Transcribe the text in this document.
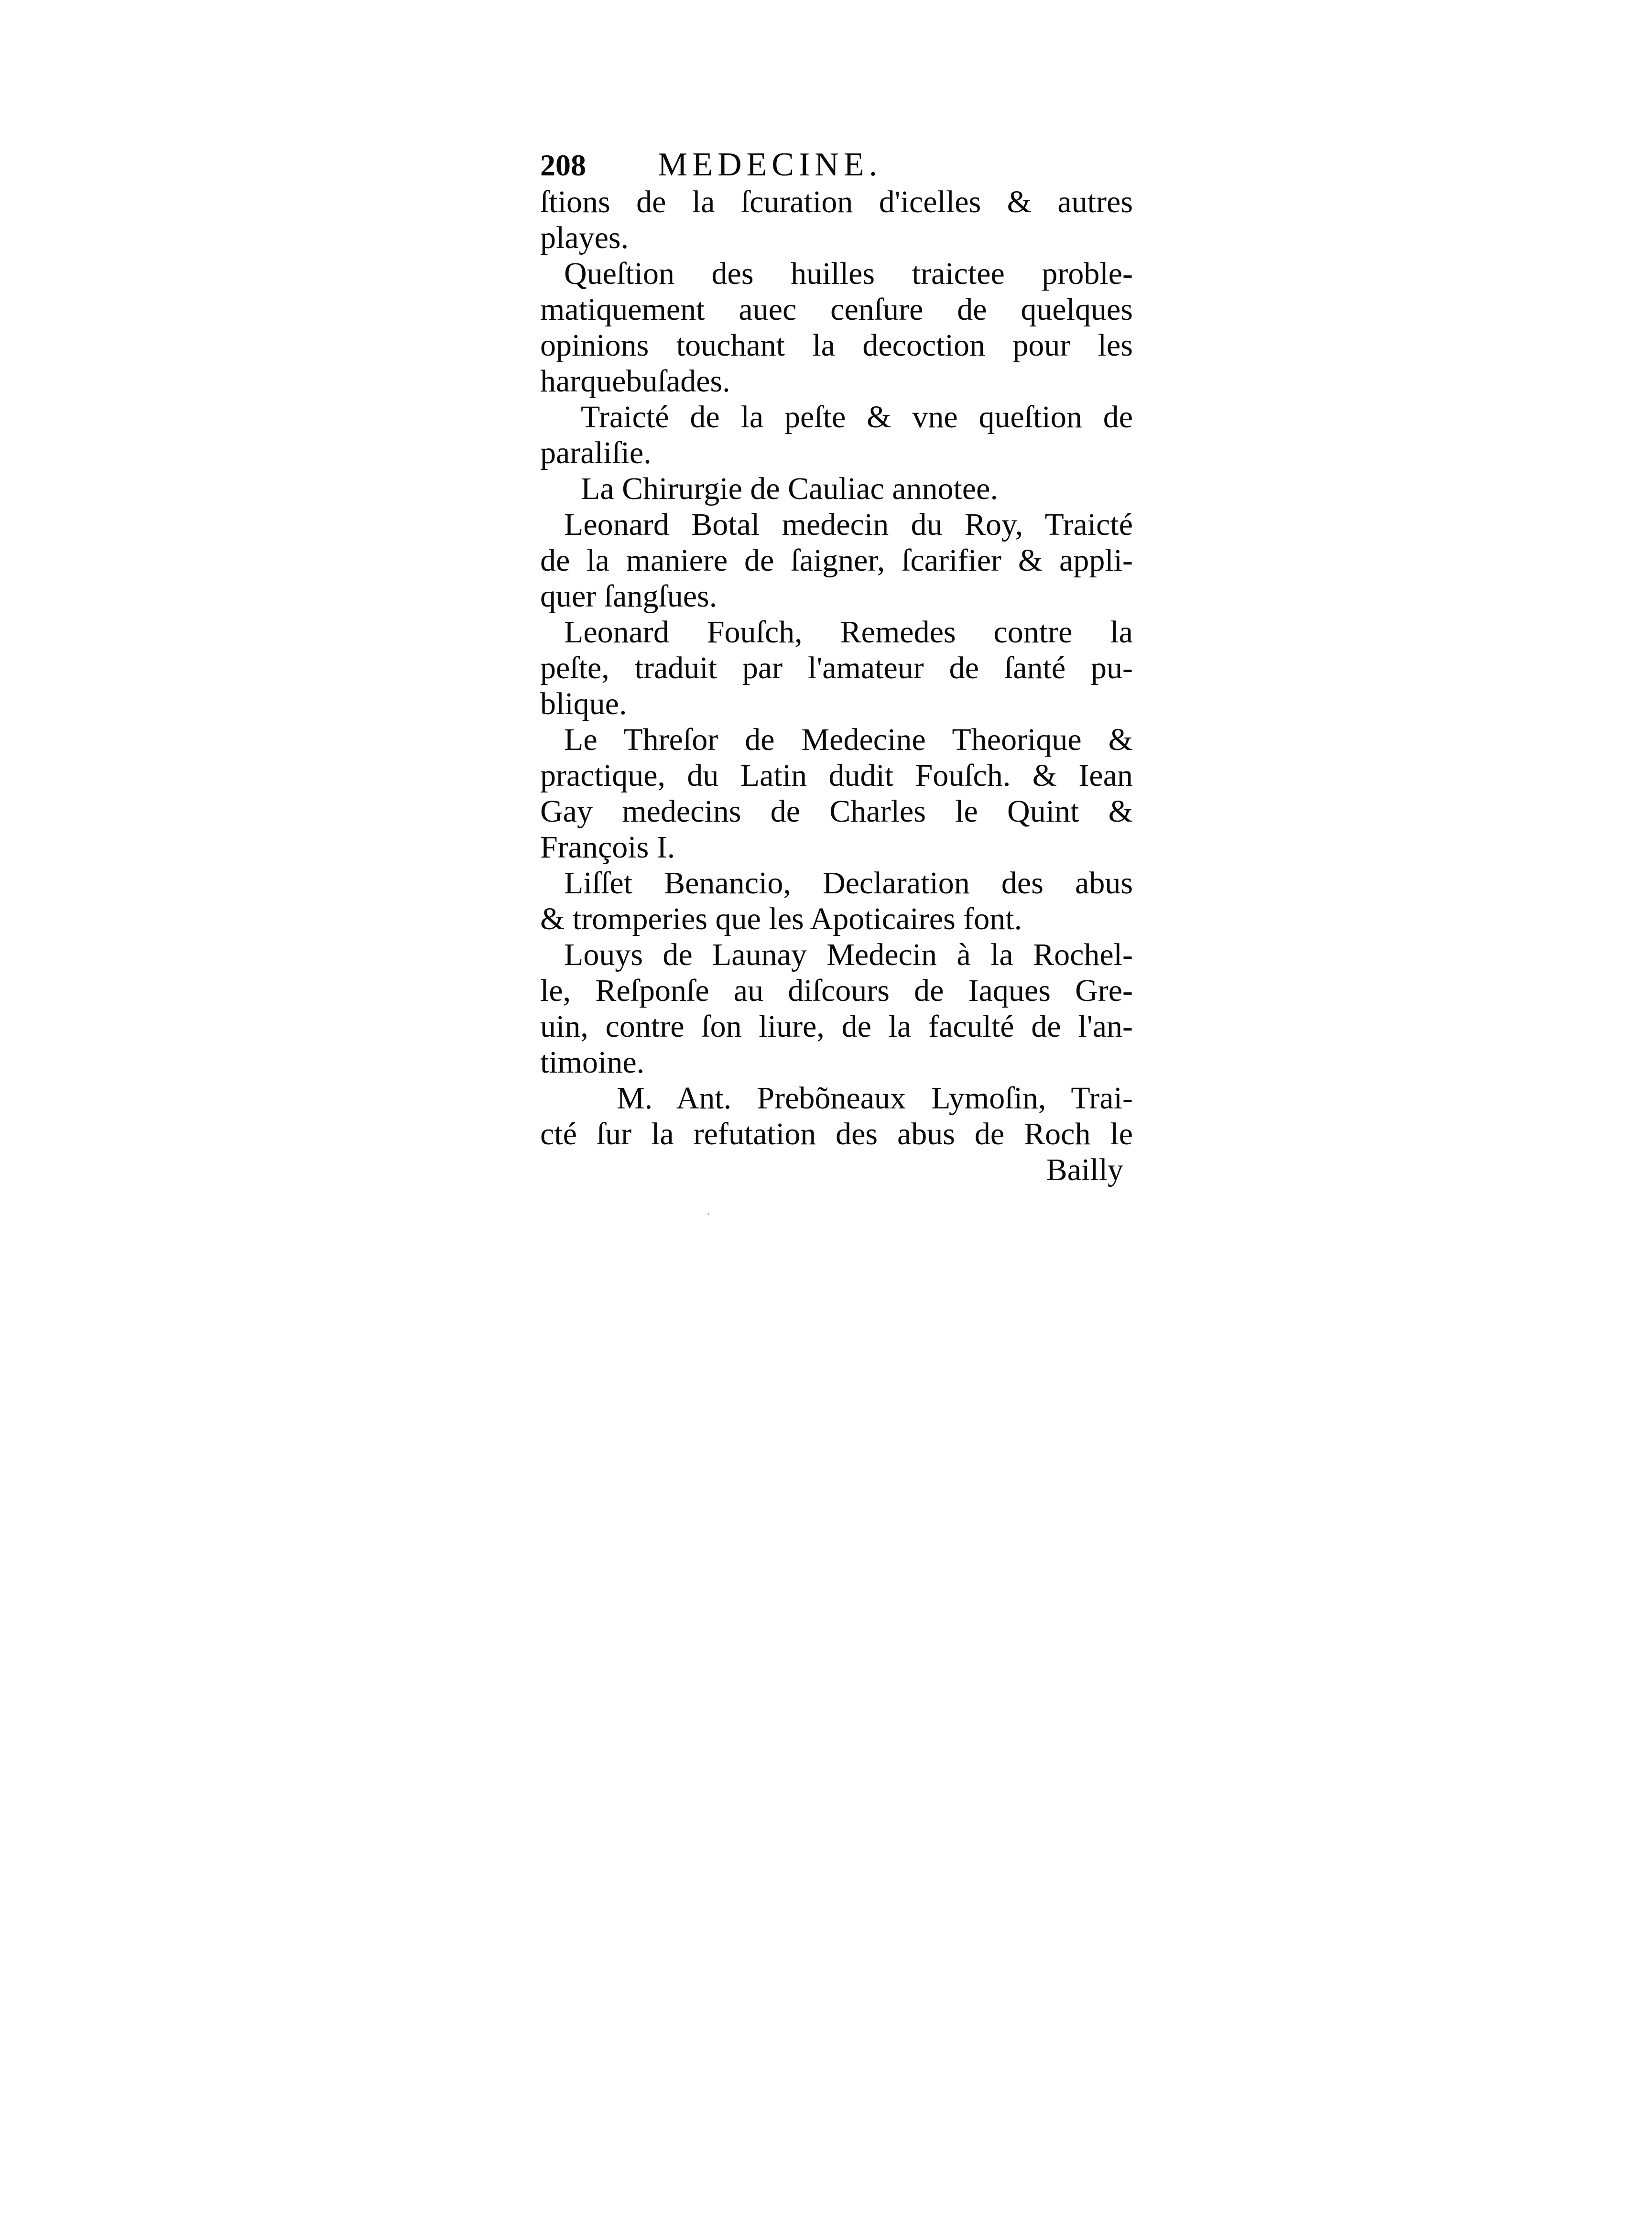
208 MEDECINE.
ſtions de la ſcuration d'icelles & autres
playes.
Queſtion des huilles traictee proble-
matiquement auec cenſure de quelques
opinions touchant la decoction pour les
harquebuſades.
Traicté de la peſte & vne queſtion de
paraliſie.
La Chirurgie de Cauliac annotee.
Leonard Botal medecin du Roy, Traicté
de la maniere de ſaigner, ſcarifier & appli-
quer ſangſues.
Leonard Fouſch, Remedes contre la
peſte, traduit par l'amateur de ſanté pu-
blique.
Le Threſor de Medecine Theorique &
practique, du Latin dudit Fouſch. & Iean
Gay medecins de Charles le Quint &
François I.
Liſſet Benancio, Declaration des abus
& tromperies que les Apoticaires font.
Louys de Launay Medecin à la Rochel-
le, Reſponſe au diſcours de Iaques Gre-
uin, contre ſon liure, de la faculté de l'an-
timoine.
M. Ant. Prebõneaux Lymoſin, Trai-
cté ſur la refutation des abus de Roch le
Bailly
